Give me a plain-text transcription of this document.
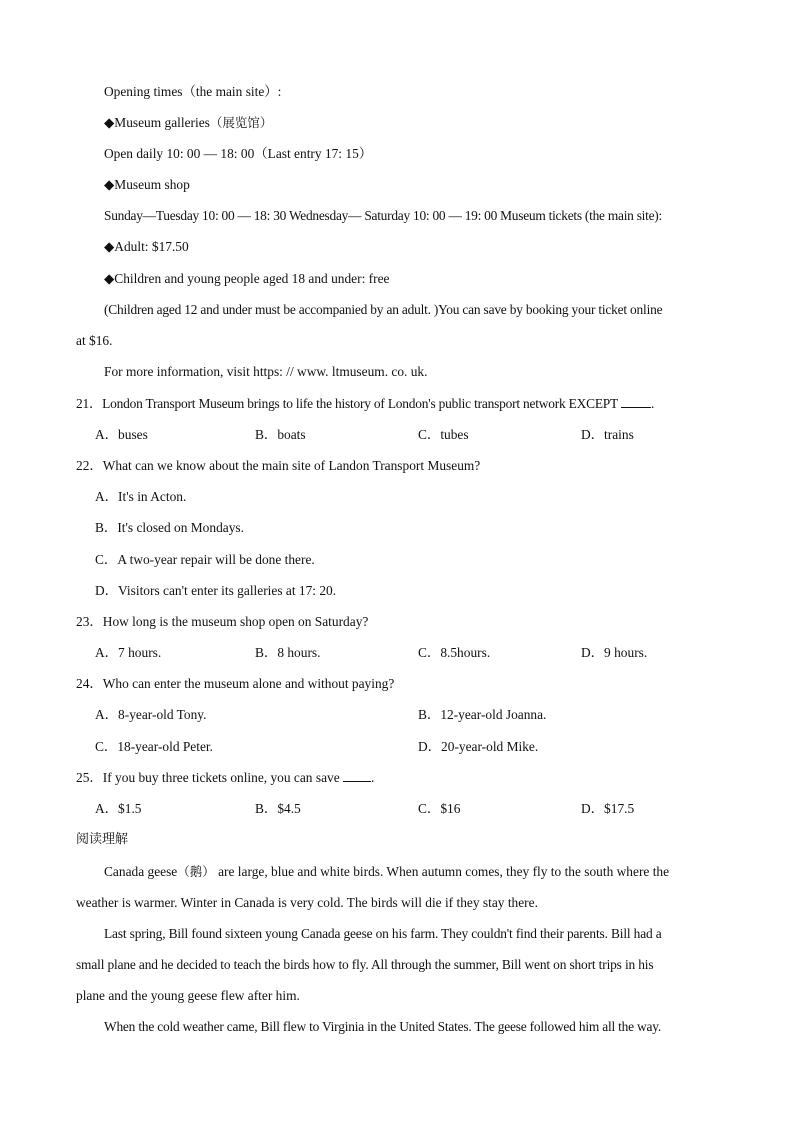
Opening times（the main site）:
◆Museum galleries（展览馆）
Open daily 10: 00 — 18: 00（Last entry 17: 15）
◆Museum shop
Sunday—Tuesday 10: 00 — 18: 30 Wednesday— Saturday 10: 00 — 19: 00 Museum tickets (the main site):
◆Adult: $17.50
◆Children and young people aged 18 and under: free
(Children aged 12 and under must be accompanied by an adult. )You can save by booking your ticket online
at $16.
For more information, visit https: // www. ltmuseum. co. uk.
21．London Transport Museum brings to life the history of London's public transport network EXCEPT .
A．buses	B．boats	C．tubes	D．trains
22．What can we know about the main site of Landon Transport Museum?
A．It's in Acton.
B．It's closed on Mondays.
C．A two-year repair will be done there.
D．Visitors can't enter its galleries at 17: 20.
23．How long is the museum shop open on Saturday?
A．7 hours.	B．8 hours.	C．8.5hours.	D．9 hours.
24．Who can enter the museum alone and without paying?
A．8-year-old Tony.	B．12-year-old Joanna.
C．18-year-old Peter.	D．20-year-old Mike.
25．If you buy three tickets online, you can save .
A．$1.5	B．$4.5	C．$16	D．$17.5
阅读理解
Canada geese（鹅） are large, blue and white birds. When autumn comes, they fly to the south where the
weather is warmer. Winter in Canada is very cold. The birds will die if they stay there.
Last spring, Bill found sixteen young Canada geese on his farm. They couldn't find their parents. Bill had a
small plane and he decided to teach the birds how to fly. All through the summer, Bill went on short trips in his
plane and the young geese flew after him.
When the cold weather came, Bill flew to Virginia in the United States. The geese followed him all the way.
